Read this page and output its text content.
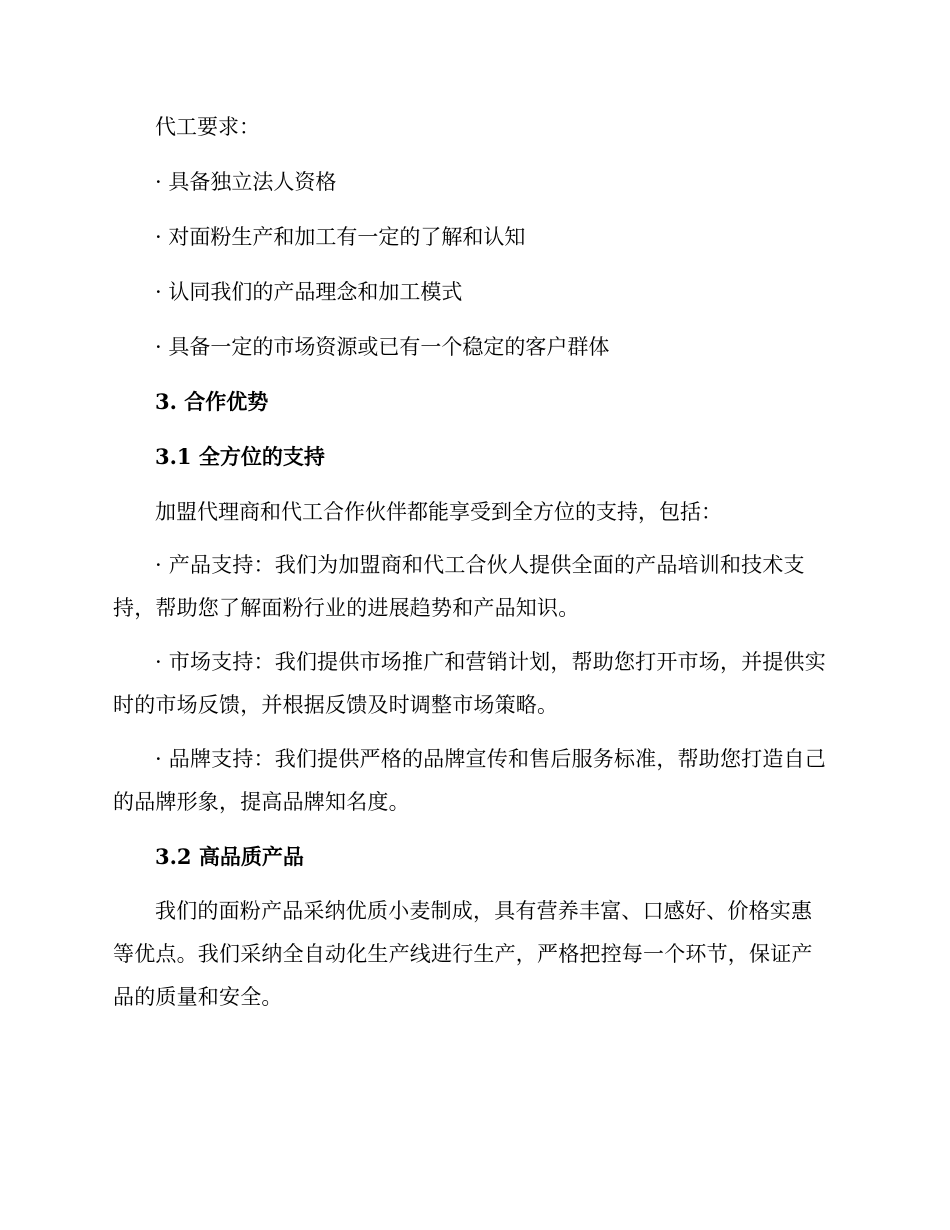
代工要求：
· 具备独立法人资格
· 对面粉生产和加工有一定的了解和认知
· 认同我们的产品理念和加工模式
· 具备一定的市场资源或已有一个稳定的客户群体
3. 合作优势
3.1 全方位的支持
加盟代理商和代工合作伙伴都能享受到全方位的支持，包括：
· 产品支持：我们为加盟商和代工合伙人提供全面的产品培训和技术支持，帮助您了解面粉行业的进展趋势和产品知识。
· 市场支持：我们提供市场推广和营销计划，帮助您打开市场，并提供实时的市场反馈，并根据反馈及时调整市场策略。
· 品牌支持：我们提供严格的品牌宣传和售后服务标准，帮助您打造自己的品牌形象，提高品牌知名度。
3.2 高品质产品
我们的面粉产品采纳优质小麦制成，具有营养丰富、口感好、价格实惠等优点。我们采纳全自动化生产线进行生产，严格把控每一个环节，保证产品的质量和安全。
